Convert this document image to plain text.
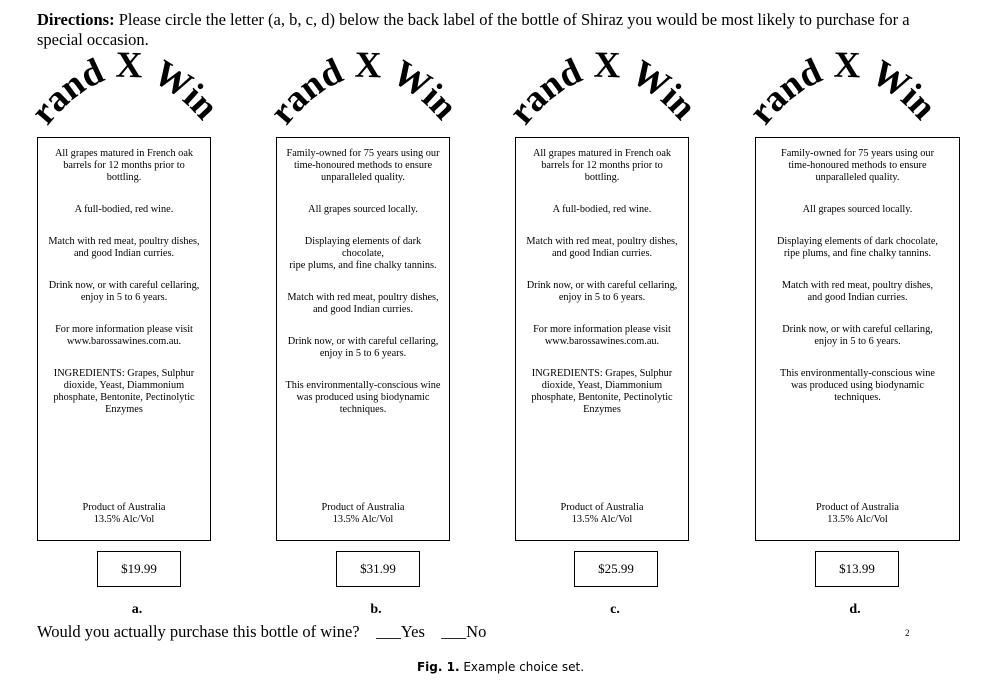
Directions: Please circle the letter (a, b, c, d) below the back label of the bottle of Shiraz you would be most likely to purchase for a special occasion.
Brand X Wines
All grapes matured in French oak
barrels for 12 months prior to bottling.
A full-bodied, red wine.
Match with red meat, poultry dishes,
and good Indian curries.
Drink now, or with careful cellaring,
enjoy in 5 to 6 years.
For more information please visit
www.barossawines.com.au.
INGREDIENTS: Grapes, Sulphur
dioxide, Yeast, Diammonium
phosphate, Bentonite, Pectinolytic
Enzymes
Product of Australia
13.5% Alc/Vol
$19.99
a.
Brand X Wines
Family-owned for 75 years using our
time-honoured methods to ensure
unparalleled quality.
All grapes sourced locally.
Displaying elements of dark chocolate,
ripe plums, and fine chalky tannins.
Match with red meat, poultry dishes,
and good Indian curries.
Drink now, or with careful cellaring,
enjoy in 5 to 6 years.
This environmentally-conscious wine
was produced using biodynamic
techniques.
Product of Australia
13.5% Alc/Vol
$31.99
b.
Brand X Wines
All grapes matured in French oak
barrels for 12 months prior to bottling.
A full-bodied, red wine.
Match with red meat, poultry dishes,
and good Indian curries.
Drink now, or with careful cellaring,
enjoy in 5 to 6 years.
For more information please visit
www.barossawines.com.au.
INGREDIENTS: Grapes, Sulphur
dioxide, Yeast, Diammonium
phosphate, Bentonite, Pectinolytic
Enzymes
Product of Australia
13.5% Alc/Vol
$25.99
c.
Brand X Wines
Family-owned for 75 years using our
time-honoured methods to ensure
unparalleled quality.
All grapes sourced locally.
Displaying elements of dark chocolate,
ripe plums, and fine chalky tannins.
Match with red meat, poultry dishes,
and good Indian curries.
Drink now, or with careful cellaring,
enjoy in 5 to 6 years.
This environmentally-conscious wine
was produced using biodynamic
techniques.
Product of Australia
13.5% Alc/Vol
$13.99
d.
Would you actually purchase this bottle of wine? ___Yes ___No	2
Fig. 1. Example choice set.
